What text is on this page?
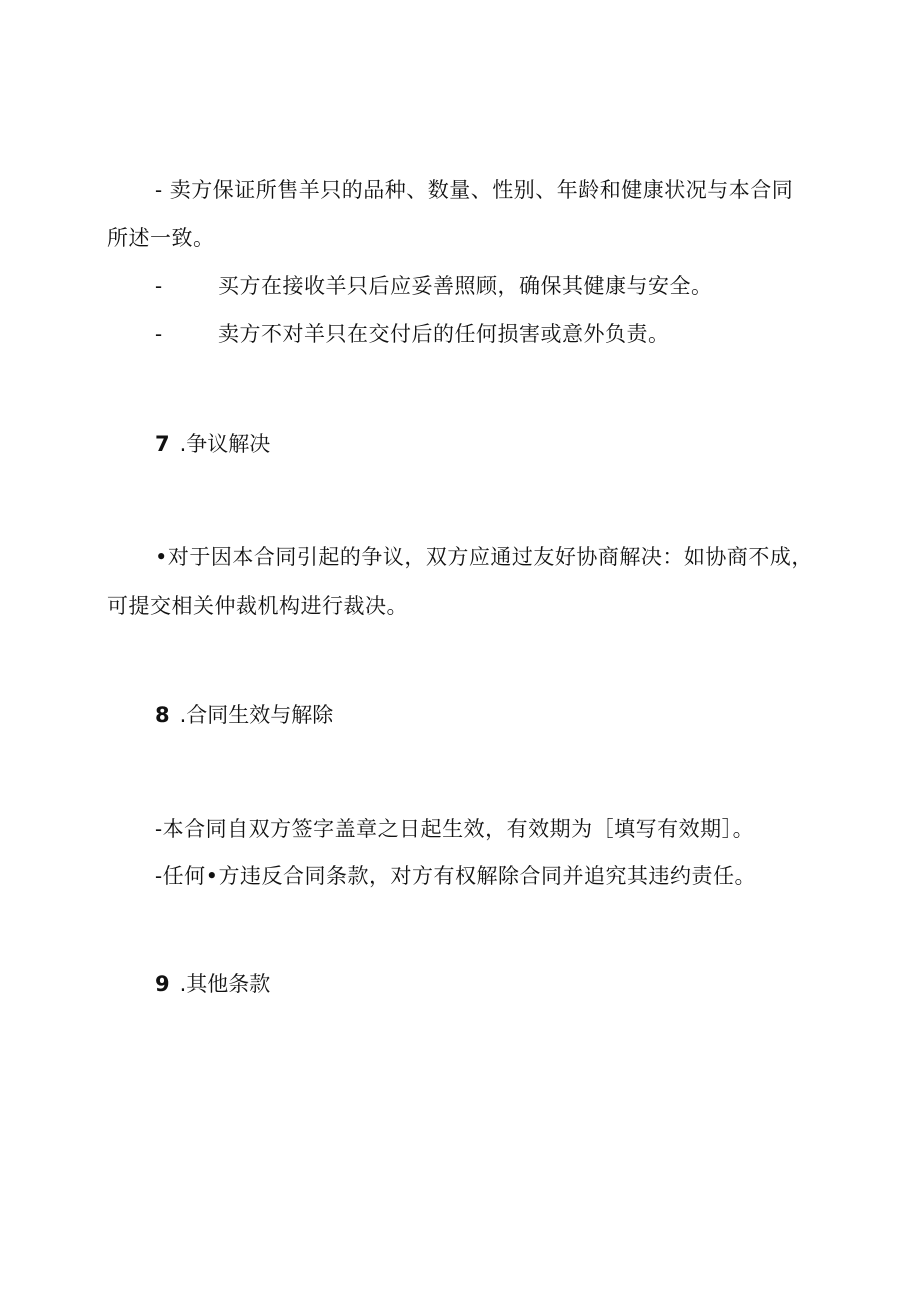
- 卖方保证所售羊只的品种、数量、性别、年龄和健康状况与本合同
所述一致。
-	买方在接收羊只后应妥善照顾，确保其健康与安全。
-	卖方不对羊只在交付后的任何损害或意外负责。
7 .争议解决
•对于因本合同引起的争议，双方应通过友好协商解决：如协商不成，
可提交相关仲裁机构进行裁决。
8 .合同生效与解除
-本合同自双方签字盖章之日起生效，有效期为［填写有效期］。
-任何•方违反合同条款，对方有权解除合同并追究其违约责任。
9 .其他条款
